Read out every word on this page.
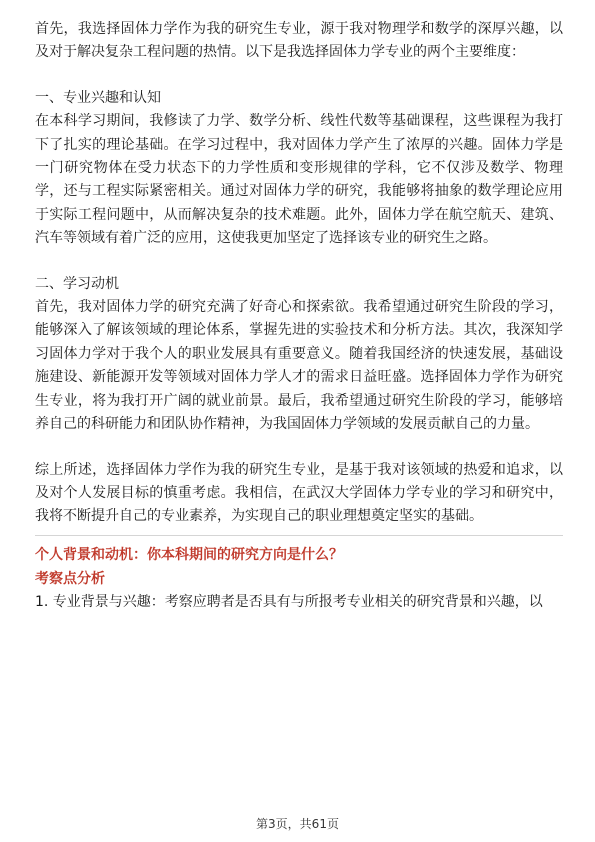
首先，我选择固体力学作为我的研究生专业，源于我对物理学和数学的深厚兴趣，以及对于解决复杂工程问题的热情。以下是我选择固体力学专业的两个主要维度：

一、专业兴趣和认知

在本科学习期间，我修读了力学、数学分析、线性代数等基础课程，这些课程为我打下了扎实的理论基础。在学习过程中，我对固体力学产生了浓厚的兴趣。固体力学是一门研究物体在受力状态下的力学性质和变形规律的学科，它不仅涉及数学、物理学，还与工程实际紧密相关。通过对固体力学的研究，我能够将抽象的数学理论应用于实际工程问题中，从而解决复杂的技术难题。此外，固体力学在航空航天、建筑、汽车等领域有着广泛的应用，这使我更加坚定了选择该专业的研究生之路。

二、学习动机

首先，我对固体力学的研究充满了好奇心和探索欲。我希望通过研究生阶段的学习，能够深入了解该领域的理论体系，掌握先进的实验技术和分析方法。其次，我深知学习固体力学对于我个人的职业发展具有重要意义。随着我国经济的快速发展，基础设施建设、新能源开发等领域对固体力学人才的需求日益旺盛。选择固体力学作为研究生专业，将为我打开广阔的就业前景。最后，我希望通过研究生阶段的学习，能够培养自己的科研能力和团队协作精神，为我国固体力学领域的发展贡献自己的力量。

综上所述，选择固体力学作为我的研究生专业，是基于我对该领域的热爱和追求，以及对个人发展目标的慎重考虑。我相信，在武汉大学固体力学专业的学习和研究中，我将不断提升自己的专业素养，为实现自己的职业理想奠定坚实的基础。

个人背景和动机：你本科期间的研究方向是什么？

考察点分析

1. 专业背景与兴趣：考察应聘者是否具有与所报考专业相关的研究背景和兴趣，以

第3页，共61页
